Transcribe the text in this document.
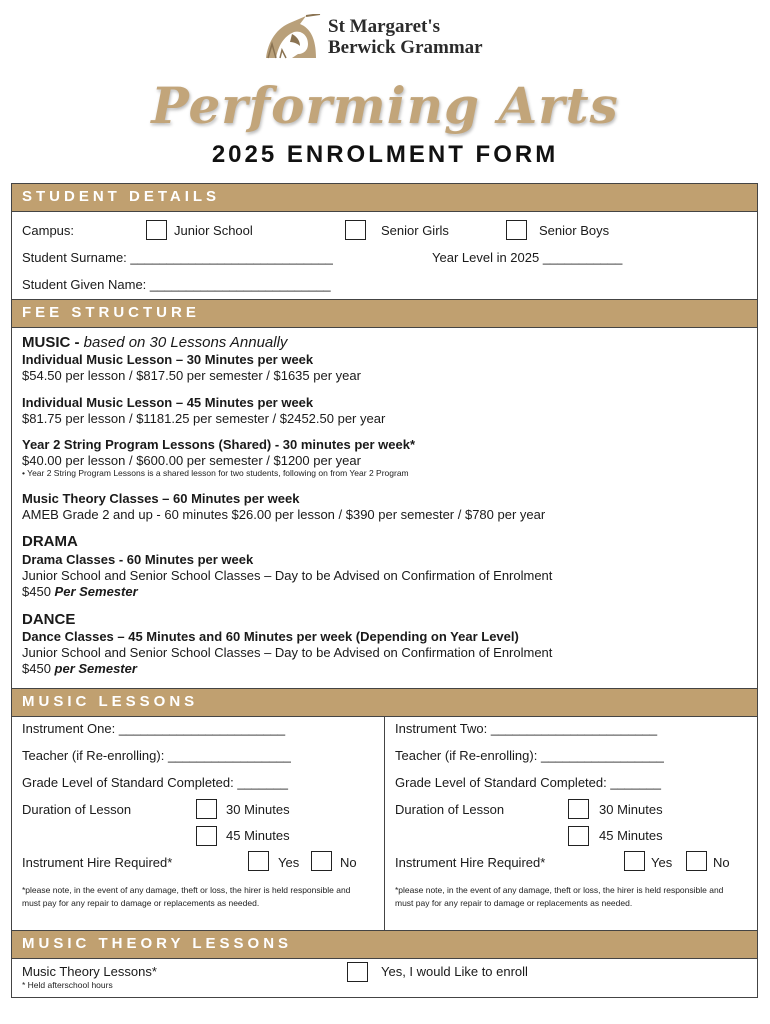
St Margaret's
Berwick Grammar
Performing Arts
2025 ENROLMENT FORM
STUDENT DETAILS
Campus:	Junior School	Senior Girls	Senior Boys
Student Surname: ____________________________	Year Level in 2025 ___________
Student Given Name: _________________________
FEE STRUCTURE
MUSIC - based on 30 Lessons Annually
Individual Music Lesson – 30 Minutes per week
$54.50 per lesson / $817.50 per semester / $1635 per year
Individual Music Lesson – 45 Minutes per week
$81.75 per lesson / $1181.25 per semester / $2452.50 per year
Year 2 String Program Lessons (Shared) - 30 minutes per week*
$40.00 per lesson / $600.00 per semester / $1200 per year
• Year 2 String Program Lessons is a shared lesson for two students, following on from Year 2 Program
Music Theory Classes – 60 Minutes per week
AMEB Grade 2 and up - 60 minutes $26.00 per lesson / $390 per semester / $780 per year
DRAMA
Drama Classes - 60 Minutes per week
Junior School and Senior School Classes – Day to be Advised on Confirmation of Enrolment
$450 Per Semester
DANCE
Dance Classes – 45 Minutes and 60 Minutes per week (Depending on Year Level)
Junior School and Senior School Classes – Day to be Advised on Confirmation of Enrolment
$450 per Semester
MUSIC LESSONS
Instrument One: _______________________
Teacher (if Re-enrolling): _________________
Grade Level of Standard Completed: _______
Duration of Lesson	30 Minutes
45 Minutes
Instrument Hire Required*	Yes	No
*please note, in the event of any damage, theft or loss, the hirer is held responsible and must pay for any repair to damage or replacements as needed.
Instrument Two: _______________________
Teacher (if Re-enrolling): _________________
Grade Level of Standard Completed: _______
Duration of Lesson	30 Minutes
45 Minutes
Instrument Hire Required*	Yes	No
*please note, in the event of any damage, theft or loss, the hirer is held responsible and must pay for any repair to damage or replacements as needed.
MUSIC THEORY LESSONS
Music Theory Lessons*
* Held afterschool hours
Yes, I would Like to enroll
